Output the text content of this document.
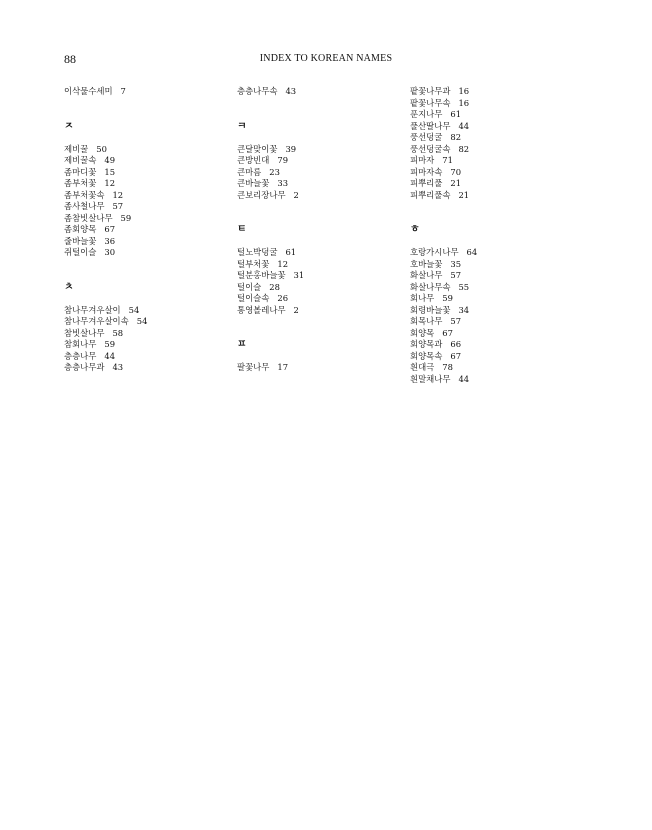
88	INDEX TO KOREAN NAMES
이삭물수세미 7
ㅈ
제비꿀 50
제비꿀속 49
좀마디꽃 15
좀부처꽃 12
좀부처꽃속 12
좀사철나무 57
좀참빗살나무 59
좀회양목 67
줄바늘꽃 36
쥐털이슬 30
ㅊ
참나무겨우살이 54
참나무겨우살이속 54
참빗살나무 58
참회나무 59
층층나무 44
층층나무과 43
층층나무속 43
ㅋ
큰달맞이꽃 39
큰방빈대 79
큰마름 23
큰바늘꽃 33
큰보리장나무 2
ㅌ
털노박덩굴 61
털부처꽃 12
털분홍바늘꽃 31
털이슬 28
털이슬속 26
통영볼레나무 2
ㅍ
팔꽃나무 17
팥꽃나무과 16
팥꽃나무속 16
푼지나무 61
풀산딸나무 44
풍선덩굴 82
풍선덩굴속 82
피마자 71
피마자속 70
피뿌리풀 21
피뿌리풀속 21
ㅎ
호랑가시나무 64
호바늘꽃 35
화살나무 57
화살나무속 55
회나무 59
회령바늘꽃 34
회목나무 57
회양목 67
회양목과 66
회양목속 67
흰대극 78
흰말채나무 44
